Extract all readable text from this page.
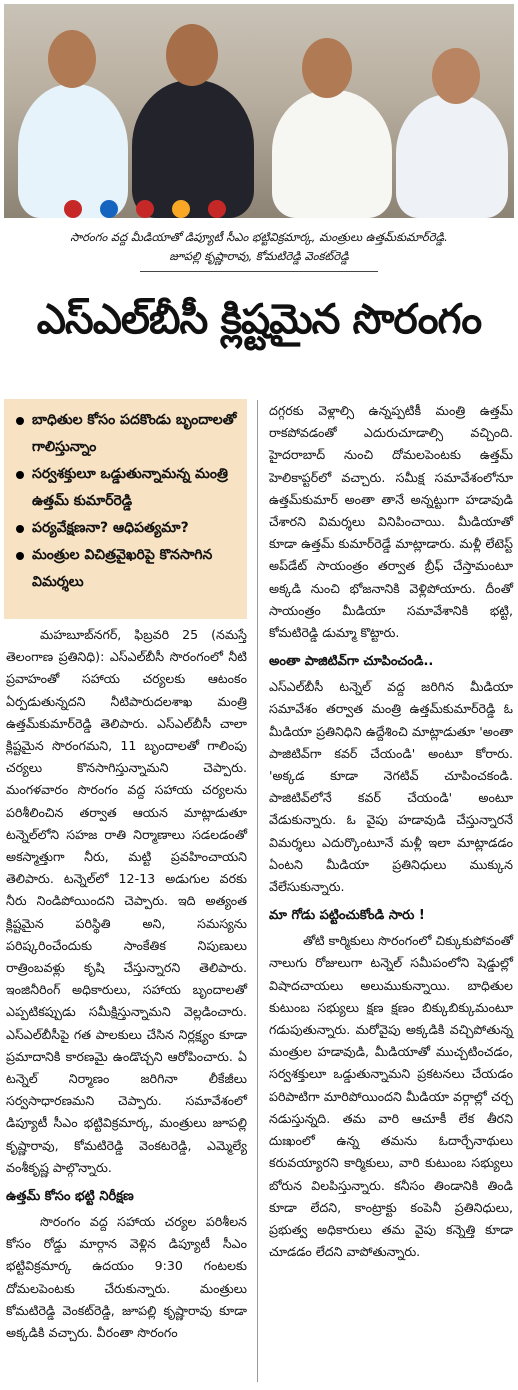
సారంగం వద్ద మీడియాతో డిప్యూటీ సీఎం భట్టివిక్రమార్క, మంత్రులు ఉత్తమ్‌కుమార్‌రెడ్డి.
జూపల్లి కృష్ణారావు, కోమటిరెడ్డి వెంకట్‌రెడ్డి
ఎస్‌ఎల్‌బీసీ క్లిష్టమైన సొరంగం
బాధితుల కోసం పదకొండు బృందాలతో గాలిస్తున్నాం
సర్వశక్తులూ ఒడ్డుతున్నామన్న మంత్రి ఉత్తమ్‌ కుమార్‌రెడ్డి
పర్యవేక్షణనా? ఆధిపత్యమా?
మంత్రుల విచిత్రవైఖరిపై కొనసాగిన విమర్శలు

మహబూబ్‌నగర్‌, ఫిబ్రవరి 25 (నమస్తే తెలంగాణ ప్రతినిధి): ఎస్‌ఎల్‌బీసీ సొరంగంలో నీటి ప్రవాహంతో సహాయ చర్యలకు ఆటంకం ఏర్పడుతున్నదని నీటిపారుదలశాఖ మంత్రి ఉత్తమ్‌కుమార్‌రెడ్డి తెలిపారు. ఎస్‌ఎల్‌బీసీ చాలా క్లిష్టమైన సొరంగమని, 11 బృందాలతో గాలింపు చర్యలు కొనసాగిస్తున్నామని చెప్పారు. మంగళవారం సొరంగం వద్ద సహాయ చర్యలను పరిశీలించిన తర్వాత ఆయన మాట్లాడుతూ టన్నెల్‌లోని సహజ రాతి నిర్మాణాలు సడలడంతో అకస్మాత్తుగా నీరు, మట్టి ప్రవహించాయని తెలిపారు. టన్నెల్‌లో 12-13 అడుగుల వరకు నీరు నిండిపోయిందని చెప్పారు. ఇది అత్యంత క్లిష్టమైన పరిస్థితి అని, సమస్యను పరిష్కరించేందుకు సాంకేతిక నిపుణులు రాత్రింబవళ్లు కృషి చేస్తున్నారని తెలిపారు. ఇంజినీరింగ్‌ అధికారులు, సహాయ బృందాలతో ఎప్పటికప్పుడు సమీక్షిస్తున్నామని వెల్లడించారు. ఎస్‌ఎల్‌బీసీపై గత పాలకులు చేసిన నిర్లక్ష్యం కూడా ప్రమాదానికి కారణమై ఉండొచ్చని ఆరోపించారు. ఏ టన్నెల్‌ నిర్మాణం జరిగినా లీకేజీలు సర్వసాధారణమని చెప్పారు. సమావేశంలో డిప్యూటీ సీఎం భట్టివిక్రమార్క, మంత్రులు జూపల్లి కృష్ణారావు, కోమటిరెడ్డి వెంకటరెడ్డి, ఎమ్మెల్యే వంశీకృష్ణ పాల్గొన్నారు.

ఉత్తమ్‌ కోసం భట్టి నిరీక్షణ

సొరంగం వద్ద సహాయ చర్యల పరిశీలన కోసం రోడ్డు మార్గాన వెళ్లిన డిప్యూటీ సీఎం భట్టివిక్రమార్క ఉదయం 9:30 గంటలకు దోమలపెంటకు చేరుకున్నారు. మంత్రులు కోమటిరెడ్డి వెంకట్‌రెడ్డి, జూపల్లి కృష్ణారావు కూడా అక్కడికి వచ్చారు. వీరంతా సొరంగం

దగ్గరకు వెళ్లాల్సి ఉన్నప్పటికీ మంత్రి ఉత్తమ్‌ రాకపోవడంతో ఎదురుచూడాల్సి వచ్చింది. హైదరాబాద్‌ నుంచి దోమలపెంటకు ఉత్తమ్‌ హెలికాప్టర్‌లో వచ్చారు. సమీక్ష సమావేశంలోనూ ఉత్తమ్‌కుమార్‌ అంతా తానే అన్నట్టుగా హడావుడి చేశారని విమర్శలు వినిపించాయి. మీడియాతో కూడా ఉత్తమ్‌ కుమార్‌రెడ్డే మాట్లాడారు. మళ్లీ లేటెస్ట్‌ అప్‌డేట్‌ సాయంత్రం తర్వాత బ్రీఫ్‌ చేస్తామంటూ అక్కడి నుంచి భోజనానికి వెళ్లిపోయారు. దీంతో సాయంత్రం మీడియా సమావేశానికి భట్టి, కోమటిరెడ్డి డుమ్మా కొట్టారు.

అంతా పాజిటివ్‌గా చూపించండి..

ఎస్‌ఎల్‌బీసీ టన్నెల్‌ వద్ద జరిగిన మీడియా సమావేశం తర్వాత మంత్రి ఉత్తమ్‌కుమార్‌రెడ్డి ఓ మీడియా ప్రతినిధిని ఉద్దేశించి మాట్లాడుతూ 'అంతా పాజిటివ్‌గా కవర్‌ చేయండి' అంటూ కోరారు. 'అక్కడ కూడా నెగటివ్‌ చూపించకండి. పాజిటివ్‌లోనే కవర్‌ చేయండి' అంటూ వేడుకున్నారు. ఓ వైపు హడావుడి చేస్తున్నారనే విమర్శలు ఎదుర్కొంటూనే మళ్లీ ఇలా మాట్లాడడం ఏంటని మీడియా ప్రతినిధులు ముక్కున వేలేసుకున్నారు.

మా గోడు పట్టించుకోండి సారు !

తోటి కార్మికులు సొరంగంలో చిక్కుకుపోవంతో నాలుగు రోజులుగా టన్నెల్‌ సమీపంలోని షెడ్డుల్లో విషాదచాయలు అలుముకున్నాయి. బాధితుల కుటుంబ సభ్యులు క్షణ క్షణం బిక్కుబిక్కుమంటూ గడుపుతున్నారు. మరోవైపు అక్కడికి వచ్చిపోతున్న మంత్రుల హడావుడి, మీడియాతో ముచ్చటించడం, సర్వశక్తులూ ఒడ్డుతున్నామని ప్రకటనలు చేయడం పరిపాటిగా మారిపోయిందని మీడియా వర్గాల్లో చర్చ నడుస్తున్నది. తమ వారి ఆచూకీ లేక తీరని దుఃఖంలో ఉన్న తమను ఓదార్చేనాథులు కరువయ్యారని కార్మికులు, వారి కుటుంబ సభ్యులు బోరున విలపిస్తున్నారు. కనీసం తిండానికి తిండి కూడా లేదని, కాంట్రాక్టు కంపెనీ ప్రతినిధులు, ప్రభుత్వ అధికారులు తమ వైపు కన్నెత్తి కూడా చూడడం లేదని వాపోతున్నారు.
